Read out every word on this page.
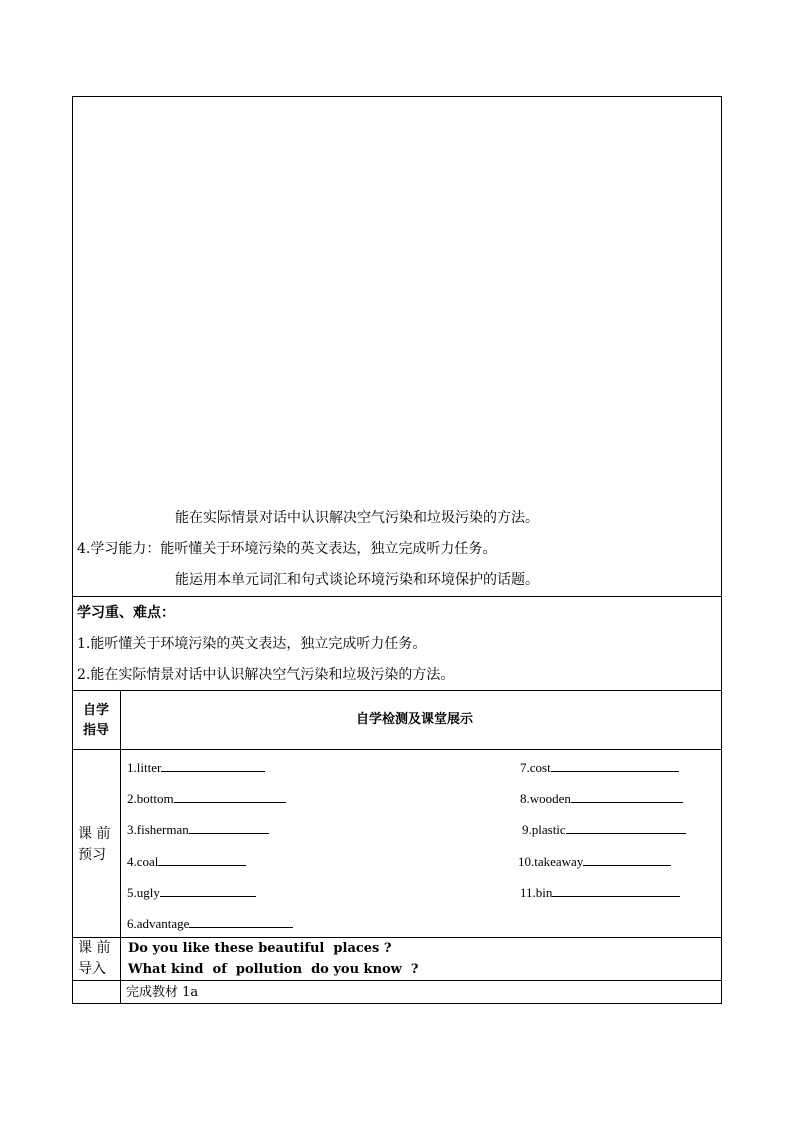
能在实际情景对话中认识解决空气污染和垃圾污染的方法。
4.学习能力：能听懂关于环境污染的英文表达，独立完成听力任务。
能运用本单元词汇和句式谈论环境污染和环境保护的话题。
学习重、难点：
1.能听懂关于环境污染的英文表达，独立完成听力任务。
2.能在实际情景对话中认识解决空气污染和垃圾污染的方法。
自学
指导
自学检测及课堂展示
课 前
预习
1.litter
2.bottom
3.fisherman
4.coal
5.ugly
6.advantage
7.cost
8.wooden
9.plastic
10.takeaway
11.bin
课 前
导入
Do you like these beautiful  places ?
What kind  of  pollution  do you know  ?
完成教材 1a
